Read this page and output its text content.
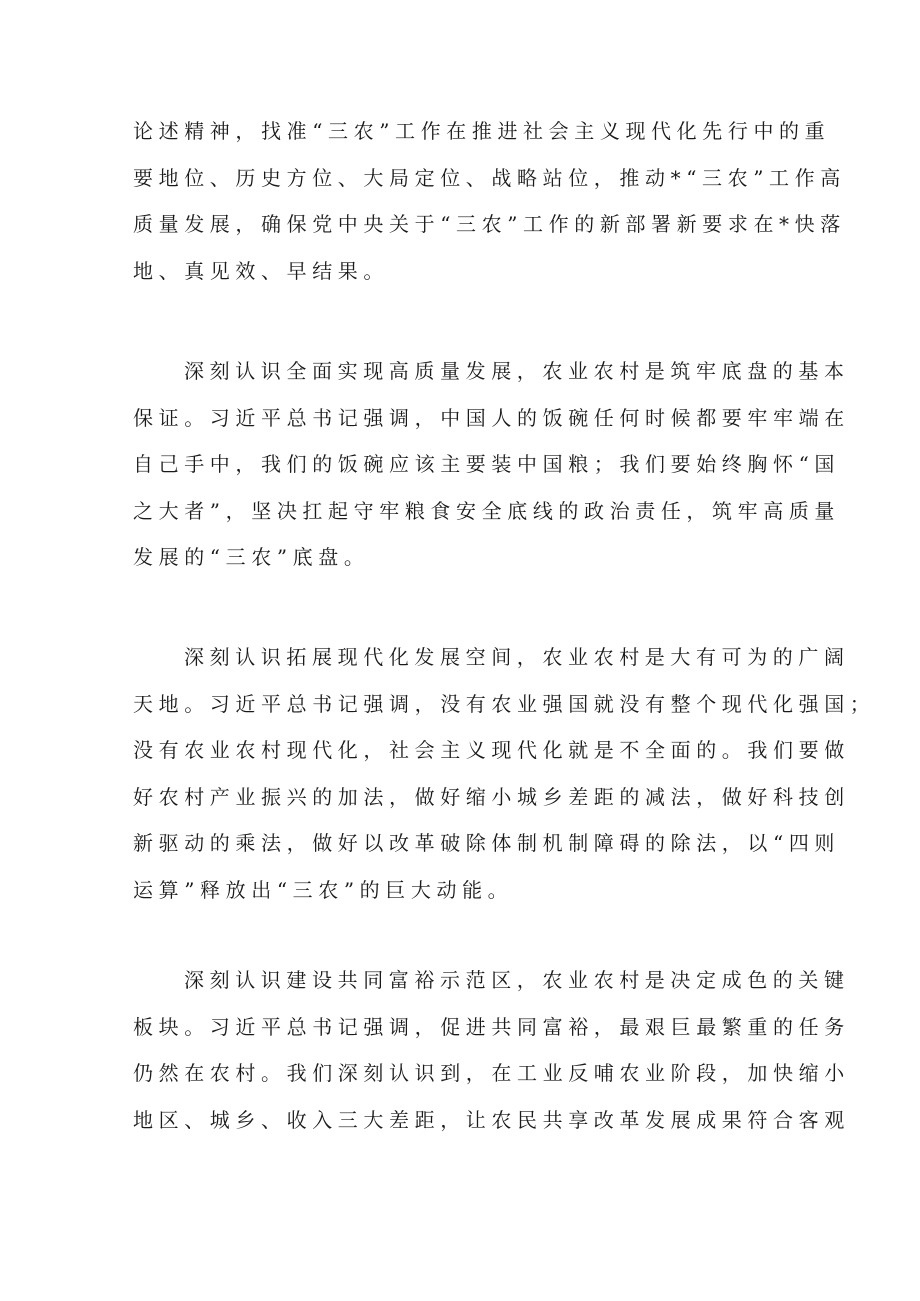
论述精神，找准“三农”工作在推进社会主义现代化先行中的重
要地位、历史方位、大局定位、战略站位，推动*“三农”工作高
质量发展，确保党中央关于“三农”工作的新部署新要求在*快落
地、真见效、早结果。

深刻认识全面实现高质量发展，农业农村是筑牢底盘的基本
保证。习近平总书记强调，中国人的饭碗任何时候都要牢牢端在
自己手中，我们的饭碗应该主要装中国粮；我们要始终胸怀“国
之大者”，坚决扛起守牢粮食安全底线的政治责任，筑牢高质量
发展的“三农”底盘。

深刻认识拓展现代化发展空间，农业农村是大有可为的广阔
天地。习近平总书记强调，没有农业强国就没有整个现代化强国；
没有农业农村现代化，社会主义现代化就是不全面的。我们要做
好农村产业振兴的加法，做好缩小城乡差距的减法，做好科技创
新驱动的乘法，做好以改革破除体制机制障碍的除法，以“四则
运算”释放出“三农”的巨大动能。

深刻认识建设共同富裕示范区，农业农村是决定成色的关键
板块。习近平总书记强调，促进共同富裕，最艰巨最繁重的任务
仍然在农村。我们深刻认识到，在工业反哺农业阶段，加快缩小
地区、城乡、收入三大差距，让农民共享改革发展成果符合客观
